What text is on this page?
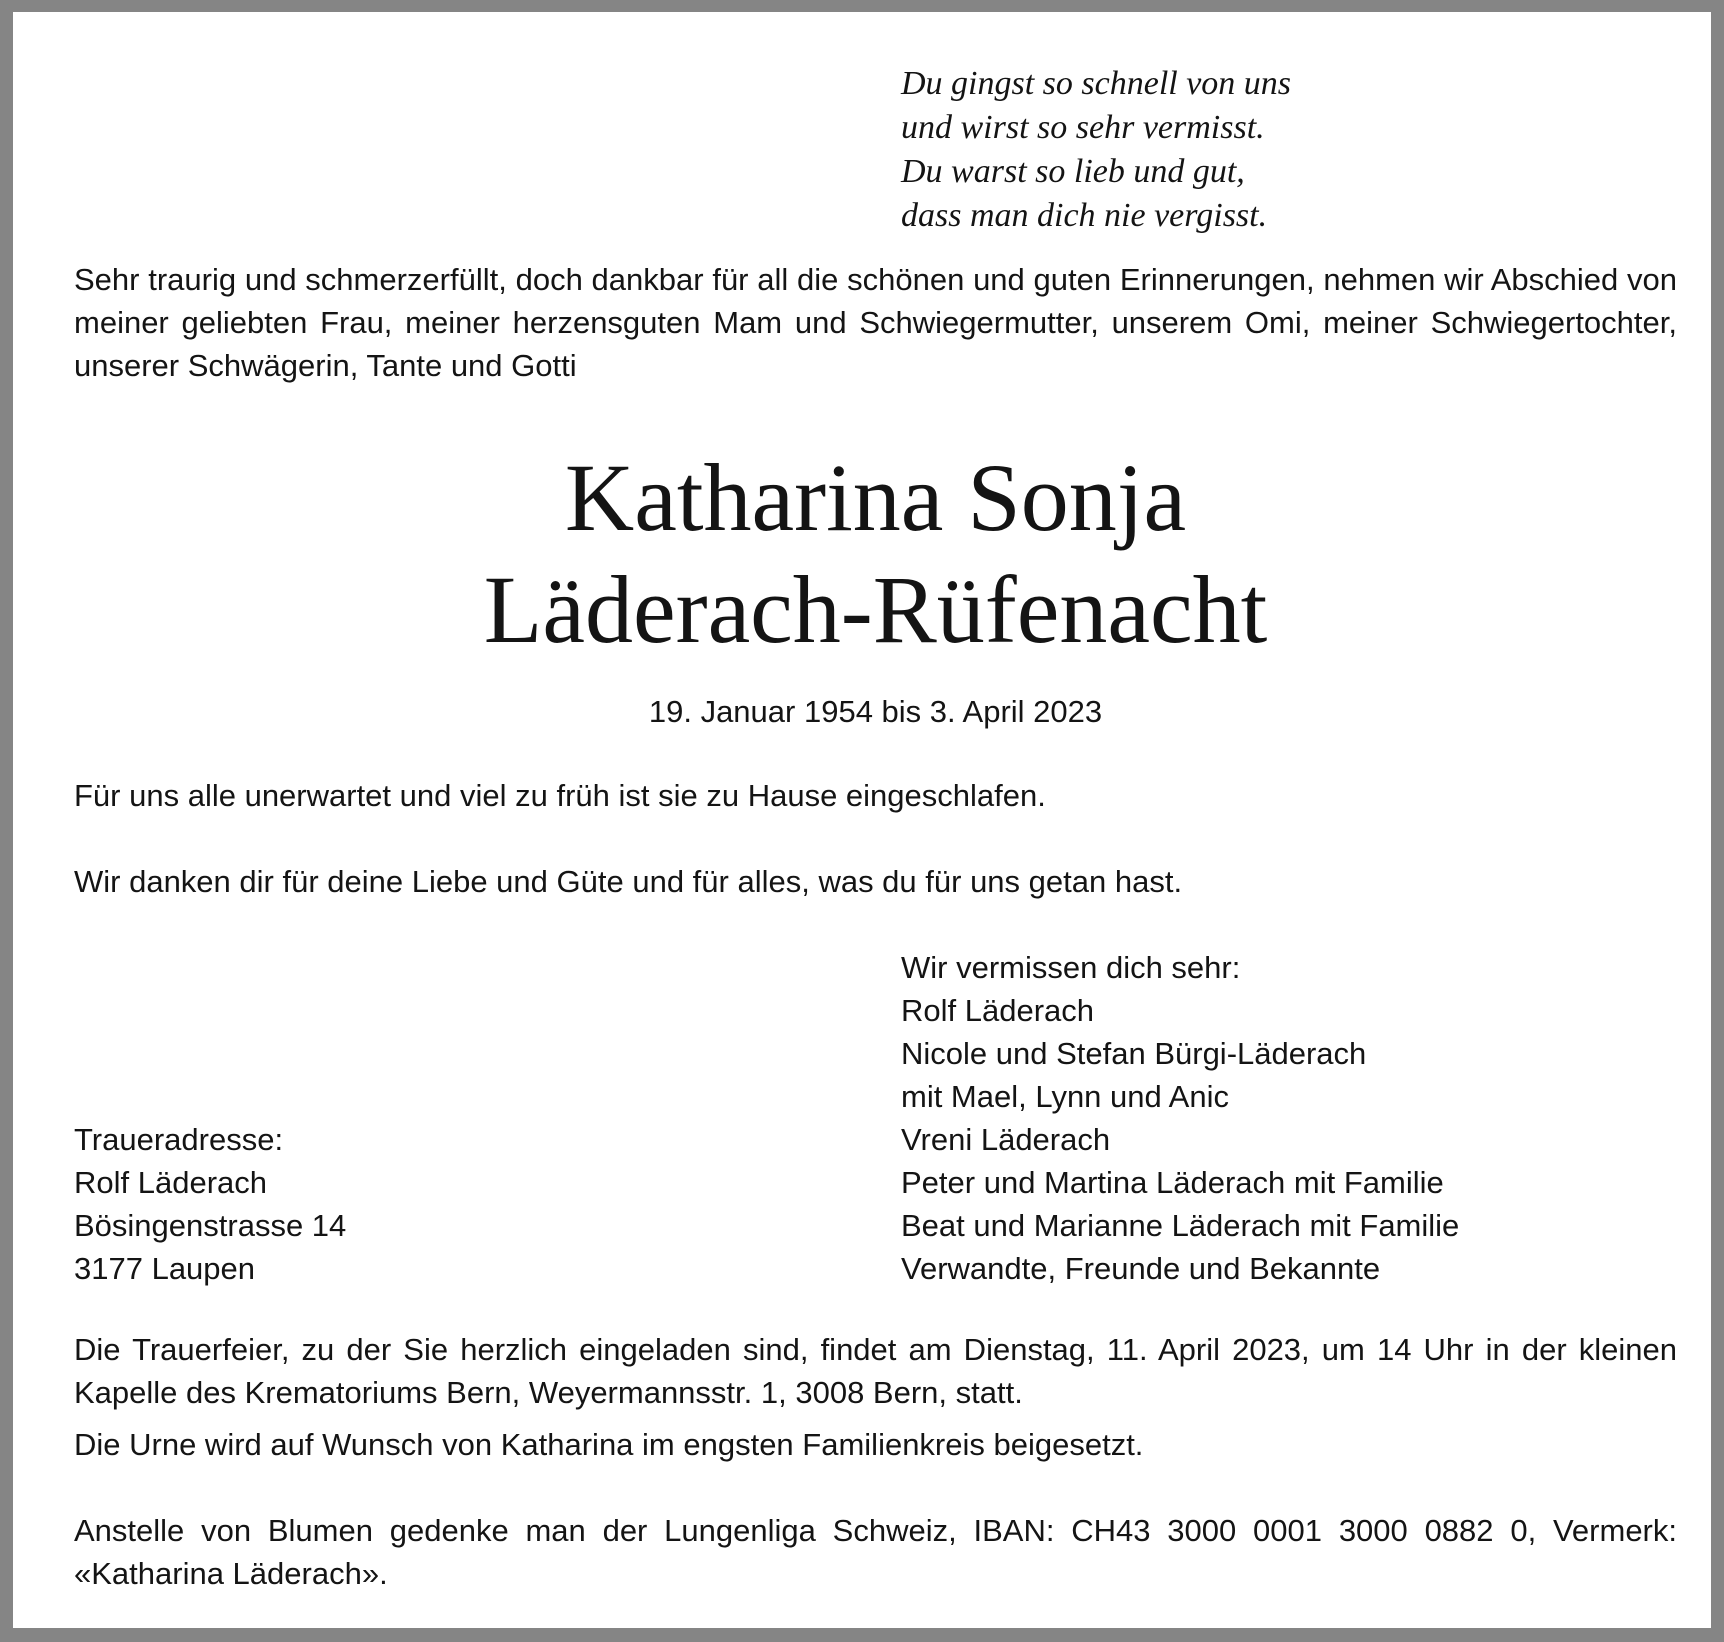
Du gingst so schnell von uns
und wirst so sehr vermisst.
Du warst so lieb und gut,
dass man dich nie vergisst.

Sehr traurig und schmerzerfüllt, doch dankbar für all die schönen und guten Erinnerungen, nehmen wir Abschied von meiner geliebten Frau, meiner herzensguten Mam und Schwiegermutter, unserem Omi, meiner Schwiegertochter, unserer Schwägerin, Tante und Gotti

Katharina Sonja
Läderach-Rüfenacht
19. Januar 1954 bis 3. April 2023

Für uns alle unerwartet und viel zu früh ist sie zu Hause eingeschlafen.

Wir danken dir für deine Liebe und Güte und für alles, was du für uns getan hast.

Wir vermissen dich sehr:
Rolf Läderach
Nicole und Stefan Bürgi-Läderach
mit Mael, Lynn und Anic
Vreni Läderach
Peter und Martina Läderach mit Familie
Beat und Marianne Läderach mit Familie
Verwandte, Freunde und Bekannte
Traueradresse:
Rolf Läderach
Bösingenstrasse 14
3177 Laupen

Die Trauerfeier, zu der Sie herzlich eingeladen sind, findet am Dienstag, 11. April 2023, um 14 Uhr in der kleinen Kapelle des Krematoriums Bern, Weyermannsstr. 1, 3008 Bern, statt.

Die Urne wird auf Wunsch von Katharina im engsten Familienkreis beigesetzt.

Anstelle von Blumen gedenke man der Lungenliga Schweiz, IBAN: CH43 3000 0001 3000 0882 0, Vermerk: «Katharina Läderach».
